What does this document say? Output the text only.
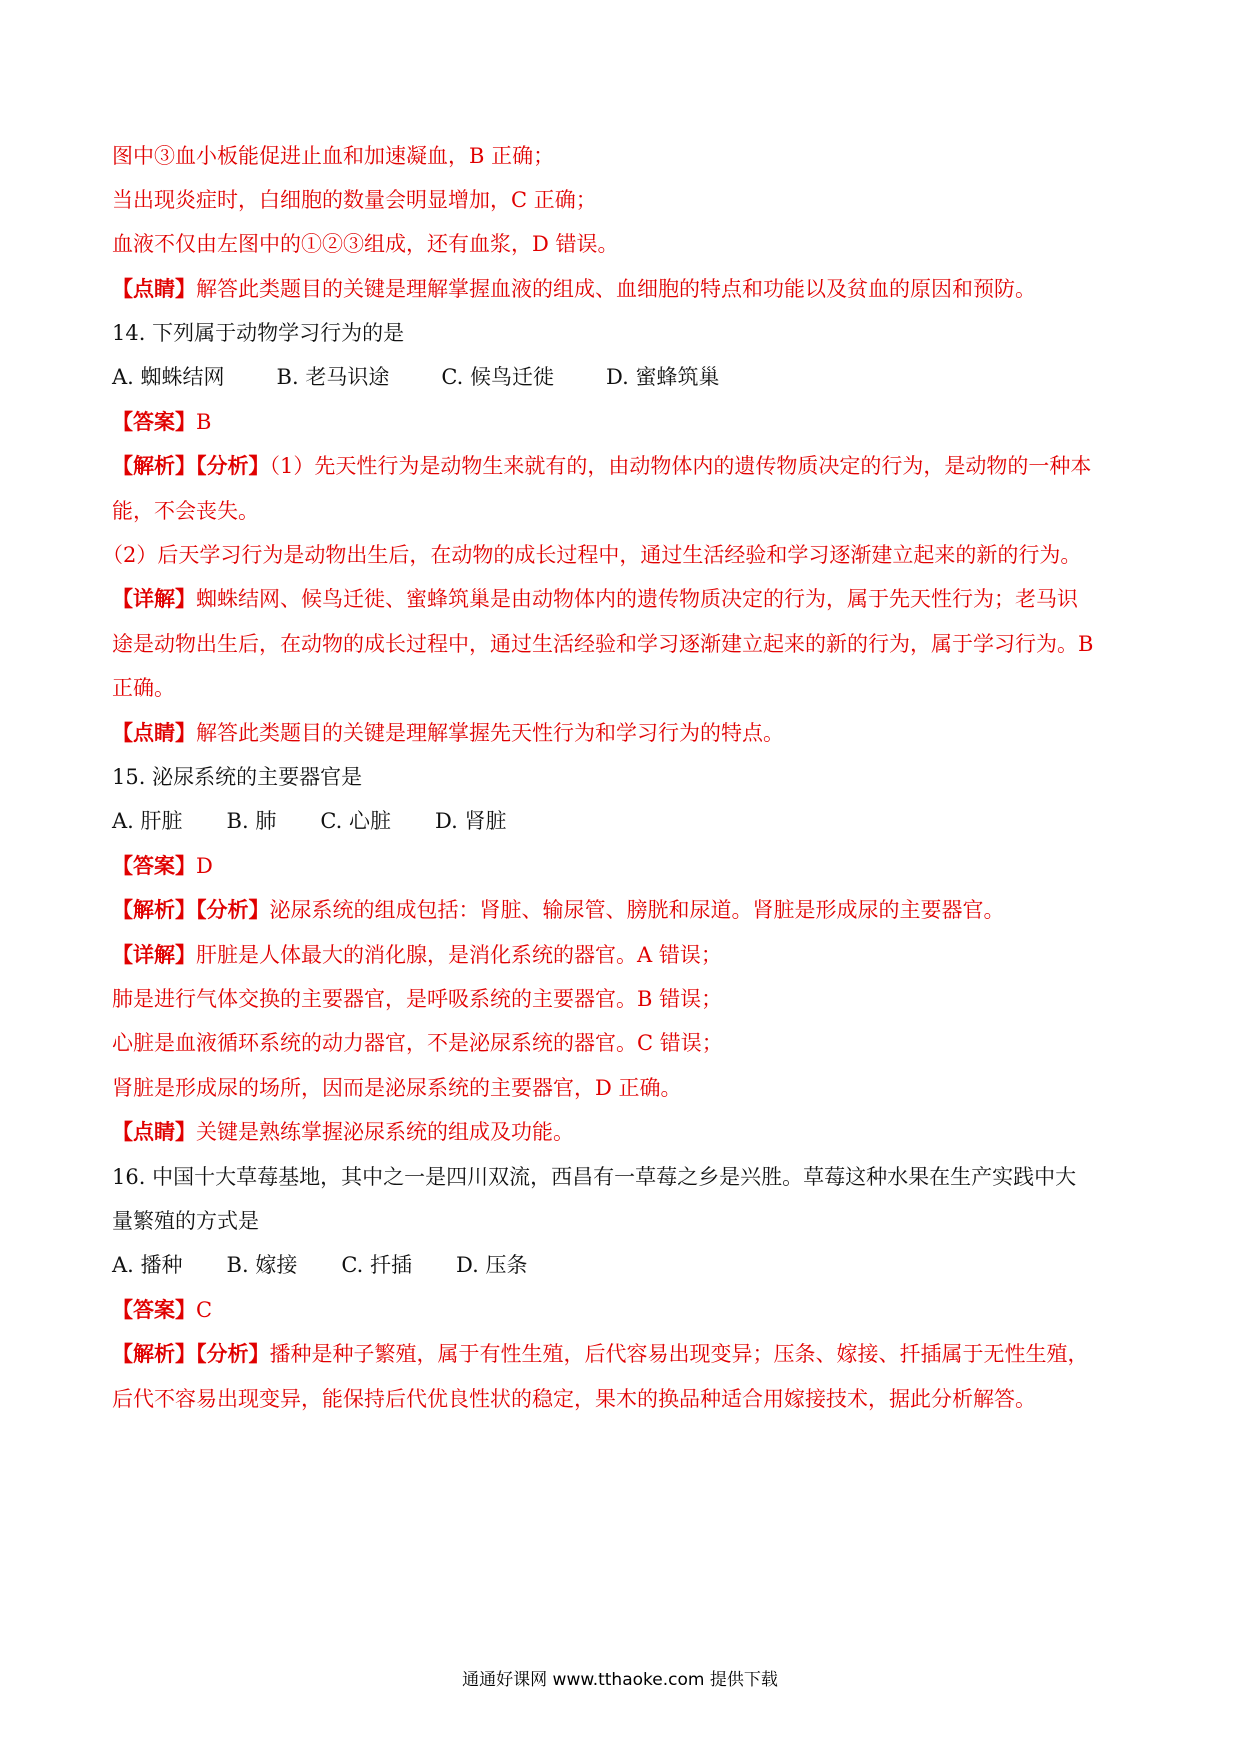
图中③血小板能促进止血和加速凝血，B 正确；
当出现炎症时，白细胞的数量会明显增加，C 正确；
血液不仅由左图中的①②③组成，还有血浆，D 错误。
【点睛】解答此类题目的关键是理解掌握血液的组成、血细胞的特点和功能以及贫血的原因和预防。
14. 下列属于动物学习行为的是
A. 蜘蛛结网 B. 老马识途 C. 候鸟迁徙 D. 蜜蜂筑巢
【答案】B
【解析】【分析】（1）先天性行为是动物生来就有的，由动物体内的遗传物质决定的行为，是动物的一种本
能，不会丧失。
（2）后天学习行为是动物出生后，在动物的成长过程中，通过生活经验和学习逐渐建立起来的新的行为。
【详解】蜘蛛结网、候鸟迁徙、蜜蜂筑巢是由动物体内的遗传物质决定的行为，属于先天性行为；老马识
途是动物出生后，在动物的成长过程中，通过生活经验和学习逐渐建立起来的新的行为，属于学习行为。B
正确。
【点睛】解答此类题目的关键是理解掌握先天性行为和学习行为的特点。
15. 泌尿系统的主要器官是
A. 肝脏 B. 肺 C. 心脏 D. 肾脏
【答案】D
【解析】【分析】泌尿系统的组成包括：肾脏、输尿管、膀胱和尿道。肾脏是形成尿的主要器官。
【详解】肝脏是人体最大的消化腺，是消化系统的器官。A 错误；
肺是进行气体交换的主要器官，是呼吸系统的主要器官。B 错误；
心脏是血液循环系统的动力器官，不是泌尿系统的器官。C 错误；
肾脏是形成尿的场所，因而是泌尿系统的主要器官，D 正确。
【点睛】关键是熟练掌握泌尿系统的组成及功能。
16. 中国十大草莓基地，其中之一是四川双流，西昌有一草莓之乡是兴胜。草莓这种水果在生产实践中大
量繁殖的方式是
A. 播种 B. 嫁接 C. 扦插 D. 压条
【答案】C
【解析】【分析】播种是种子繁殖，属于有性生殖，后代容易出现变异；压条、嫁接、扦插属于无性生殖，
后代不容易出现变异，能保持后代优良性状的稳定，果木的换品种适合用嫁接技术，据此分析解答。
通通好课网 www.tthaoke.com 提供下载
